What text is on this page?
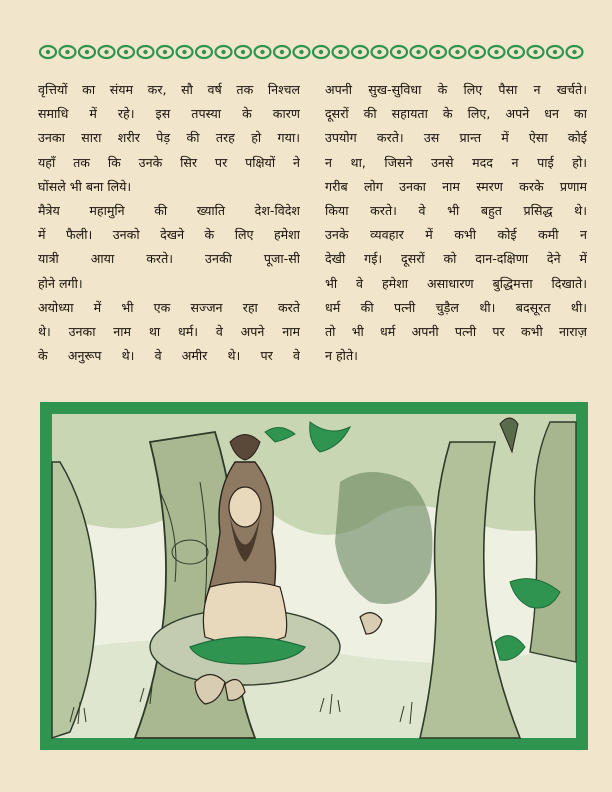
वृत्तियों का संयम कर, सौ वर्ष तक निश्चल
समाधि में रहे। इस तपस्या के कारण
उनका सारा शरीर पेड़ की तरह हो गया।
यहाँ तक कि उनके सिर पर पक्षियों ने
घोंसले भी बना लिये।
मैत्रेय महामुनि की ख्याति देश-विदेश
में फैली। उनको देखने के लिए हमेशा
यात्री आया करते। उनकी पूजा-सी
होने लगी।
अयोध्या में भी एक सज्जन रहा करते
थे। उनका नाम था धर्म। वे अपने नाम
के अनुरूप थे। वे अमीर थे। पर वे
अपनी सुख-सुविधा के लिए पैसा न खर्चते।
दूसरों की सहायता के लिए, अपने धन का
उपयोग करते। उस प्रान्त में ऐसा कोई
न था, जिसने उनसे मदद न पाई हो।
गरीब लोग उनका नाम स्मरण करके प्रणाम
किया करते। वे भी बहुत प्रसिद्ध थे।
उनके व्यवहार में कभी कोई कमी न
देखी गई। दूसरों को दान-दक्षिणा देने में
भी वे हमेशा असाधारण बुद्धिमत्ता दिखाते।
धर्म की पत्नी चुड़ैल थी। बदसूरत थी।
तो भी धर्म अपनी पत्नी पर कभी नाराज़
न होते।
